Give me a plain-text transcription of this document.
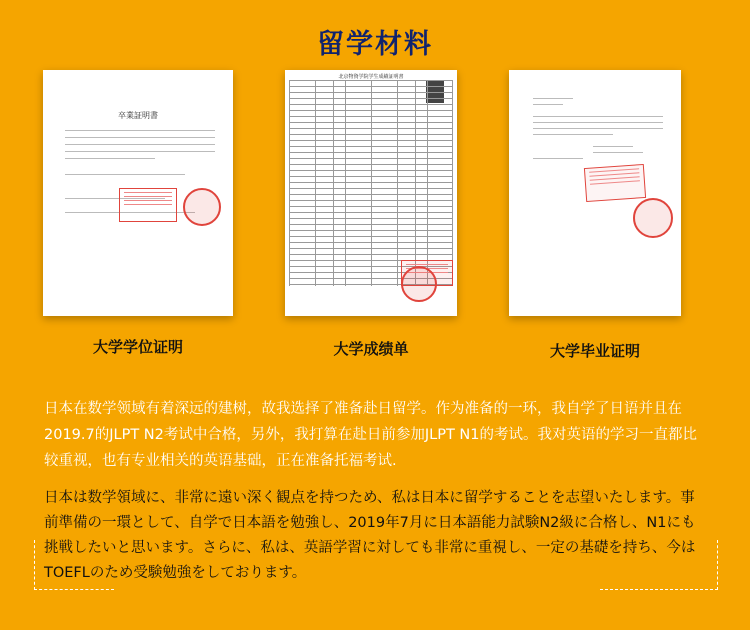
留学材料
卒業証明書
大学学位证明
北京物資学院学生成績証明書
大学成绩单	大学毕业证明
日本在数学领域有着深远的建树，故我选择了准备赴日留学。作为准备的一环，我自学了日语并且在2019.7的JLPT N2考试中合格，另外，我打算在赴日前参加JLPT N1的考试。我对英语的学习一直都比较重视，也有专业相关的英语基础，正在准备托福考试.
日本は数学領域に、非常に遠い深く観点を持つため、私は日本に留学することを志望いたします。事前準備の一環として、自学で日本語を勉強し、2019年7月に日本語能力試験N2級に合格し、N1にも挑戦したいと思います。さらに、私は、英語学習に対しても非常に重視し、一定の基礎を持ち、今はTOEFLのため受験勉強をしております。
